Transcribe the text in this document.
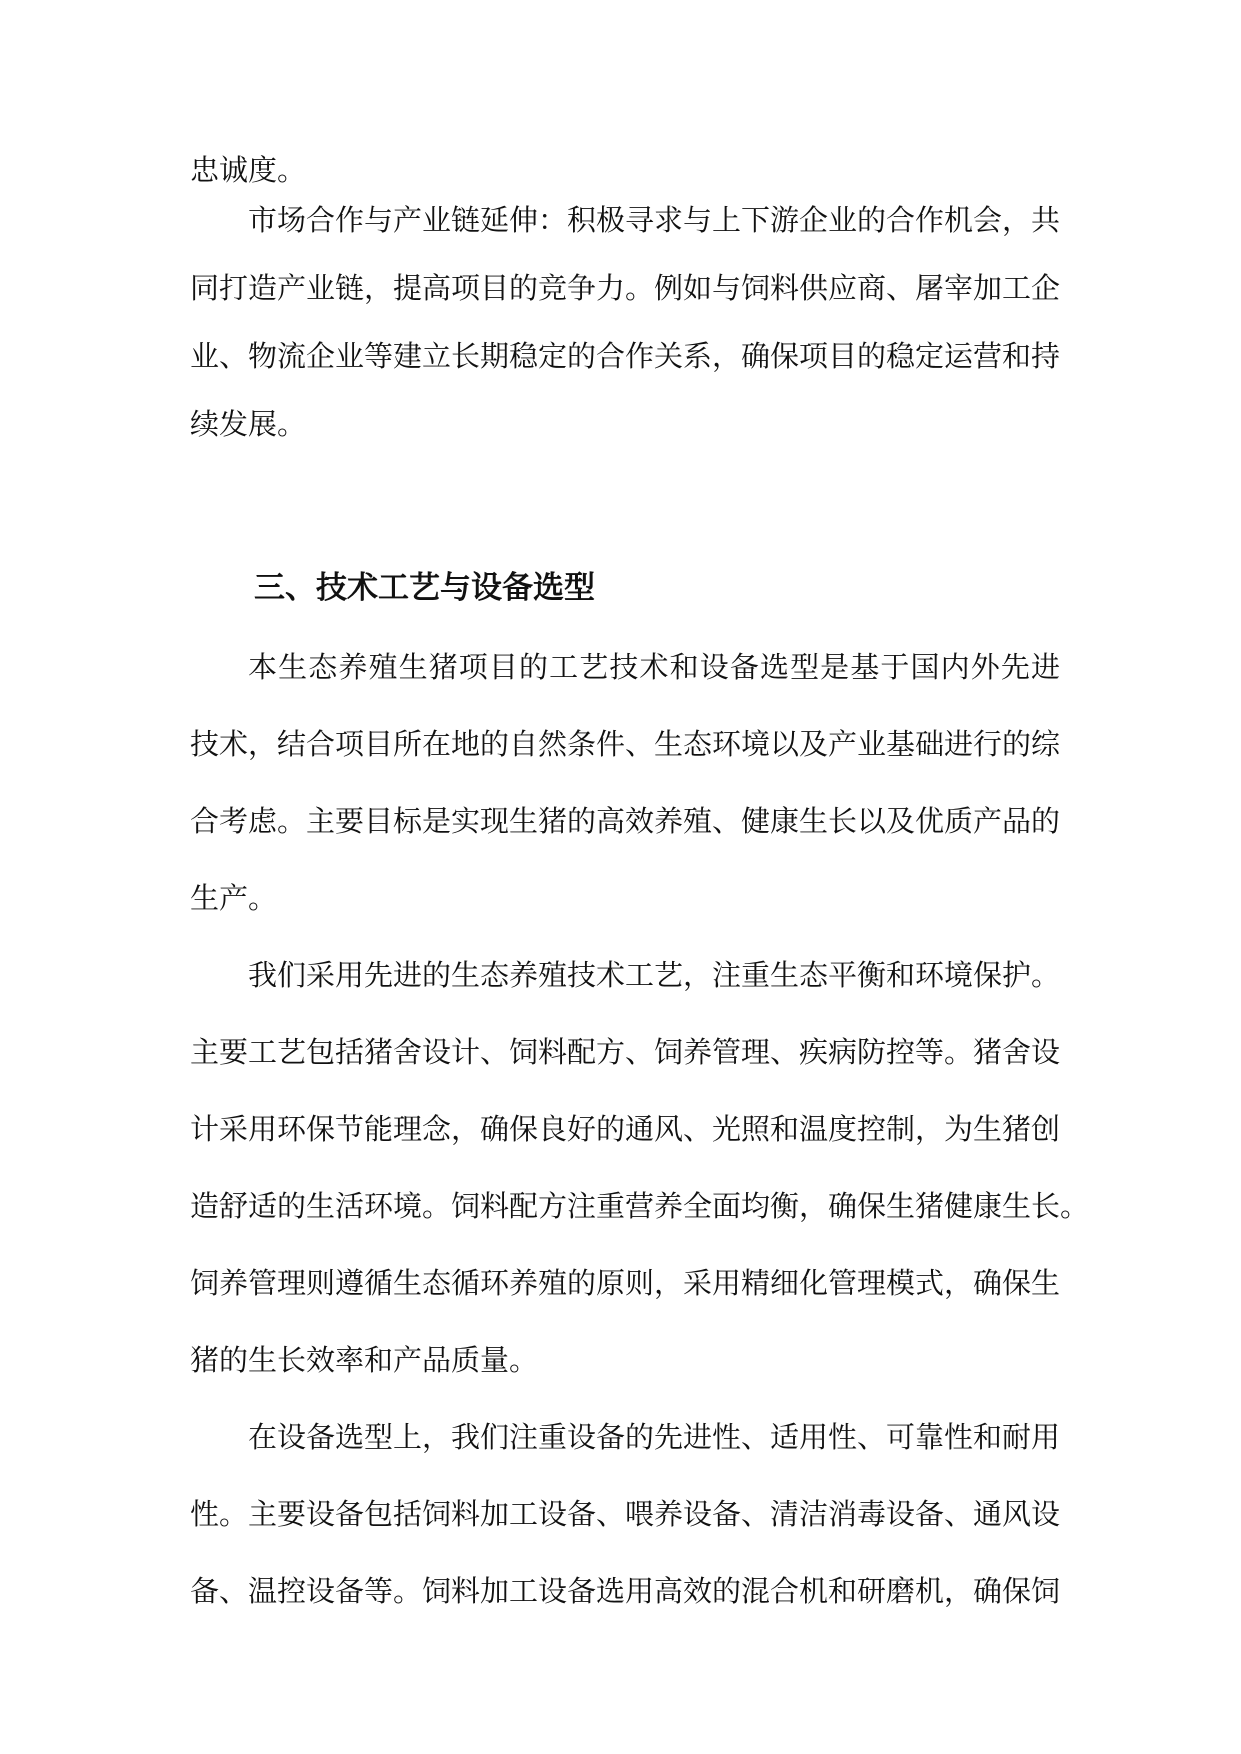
忠诚度。
市场合作与产业链延伸：积极寻求与上下游企业的合作机会，共
同打造产业链，提高项目的竞争力。例如与饲料供应商、屠宰加工企
业、物流企业等建立长期稳定的合作关系，确保项目的稳定运营和持
续发展。
三、技术工艺与设备选型
本生态养殖生猪项目的工艺技术和设备选型是基于国内外先进
技术，结合项目所在地的自然条件、生态环境以及产业基础进行的综
合考虑。主要目标是实现生猪的高效养殖、健康生长以及优质产品的
生产。
我们采用先进的生态养殖技术工艺，注重生态平衡和环境保护。
主要工艺包括猪舍设计、饲料配方、饲养管理、疾病防控等。猪舍设
计采用环保节能理念，确保良好的通风、光照和温度控制，为生猪创
造舒适的生活环境。饲料配方注重营养全面均衡，确保生猪健康生长。
饲养管理则遵循生态循环养殖的原则，采用精细化管理模式，确保生
猪的生长效率和产品质量。
在设备选型上，我们注重设备的先进性、适用性、可靠性和耐用
性。主要设备包括饲料加工设备、喂养设备、清洁消毒设备、通风设
备、温控设备等。饲料加工设备选用高效的混合机和研磨机，确保饲
